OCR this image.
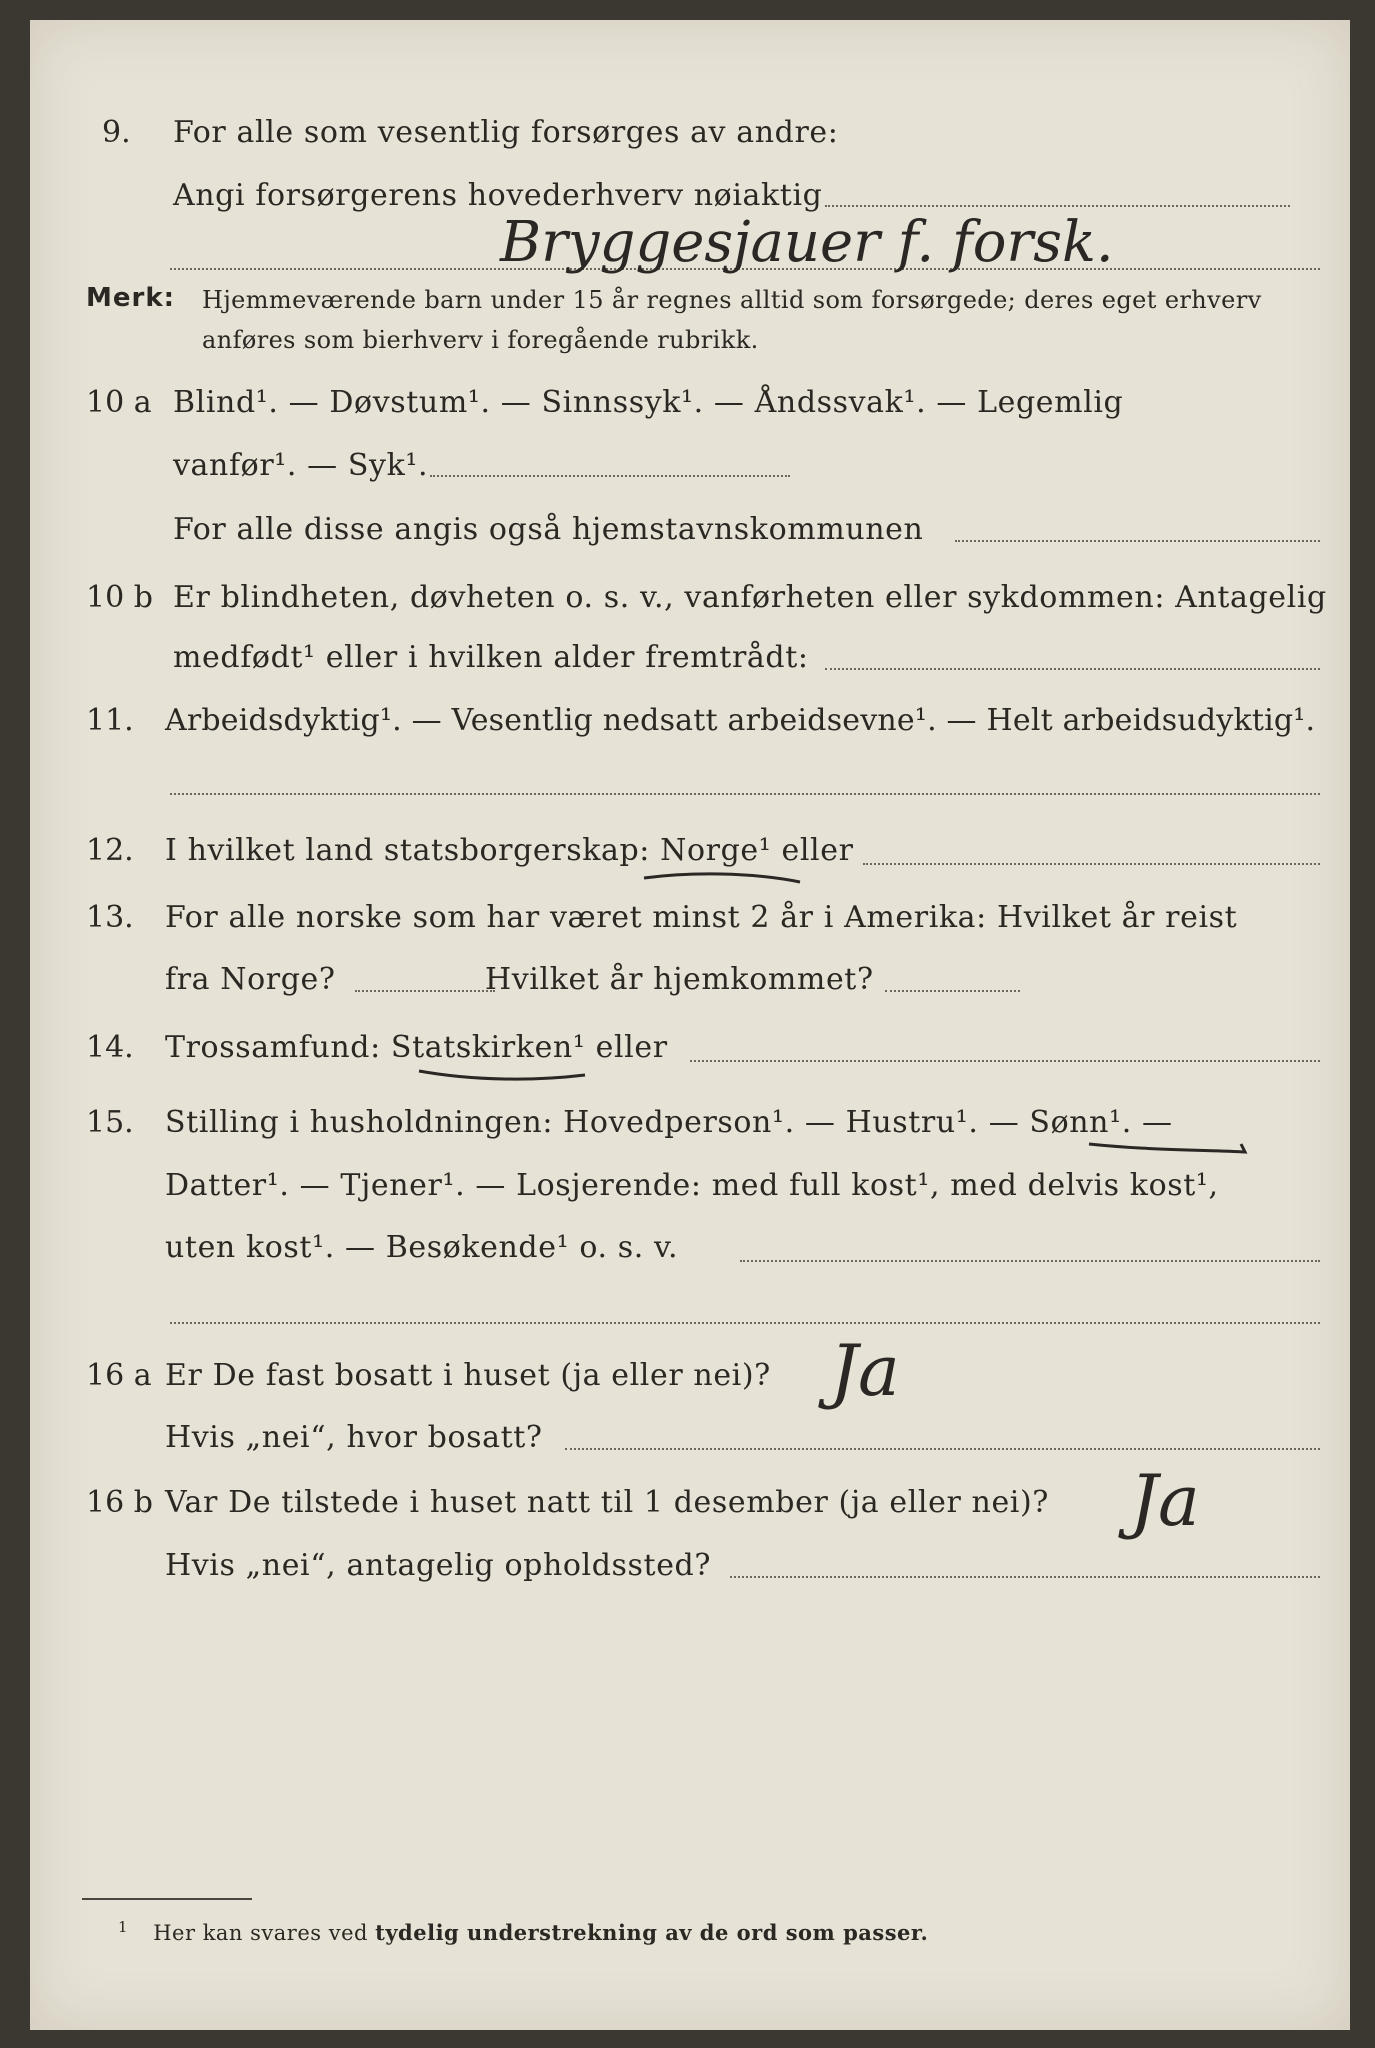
9. For alle som vesentlig forsørges av andre:
Angi forsørgerens hovederhverv nøiaktig
Bryggesjauer f. forsk.
Merk: Hjemmeværende barn under 15 år regnes alltid som forsørgede; deres eget erhverv
anføres som bierhverv i foregående rubrikk.
10 a Blind¹. — Døvstum¹. — Sinnssyk¹. — Åndssvak¹. — Legemlig
vanfør¹. — Syk¹.
For alle disse angis også hjemstavnskommunen
10 b Er blindheten, døvheten o. s. v., vanførheten eller sykdommen: Antagelig
medfødt¹ eller i hvilken alder fremtrådt:
11. Arbeidsdyktig¹. — Vesentlig nedsatt arbeidsevne¹. — Helt arbeidsudyktig¹.
12. I hvilket land statsborgerskap: Norge¹ eller
13. For alle norske som har været minst 2 år i Amerika: Hvilket år reist
fra Norge?	Hvilket år hjemkommet?
14. Trossamfund: Statskirken¹ eller
15. Stilling i husholdningen: Hovedperson¹. — Hustru¹. — Sønn¹. —
Datter¹. — Tjener¹. — Losjerende: med full kost¹, med delvis kost¹,
uten kost¹. — Besøkende¹ o. s. v.
16 a Er De fast bosatt i huset (ja eller nei)? Ja
Hvis „nei“, hvor bosatt?
16 b Var De tilstede i huset natt til 1 desember (ja eller nei)? Ja
Hvis „nei“, antagelig opholdssted?
$^1$ Her kan svares ved tydelig understrekning av de ord som passer.
